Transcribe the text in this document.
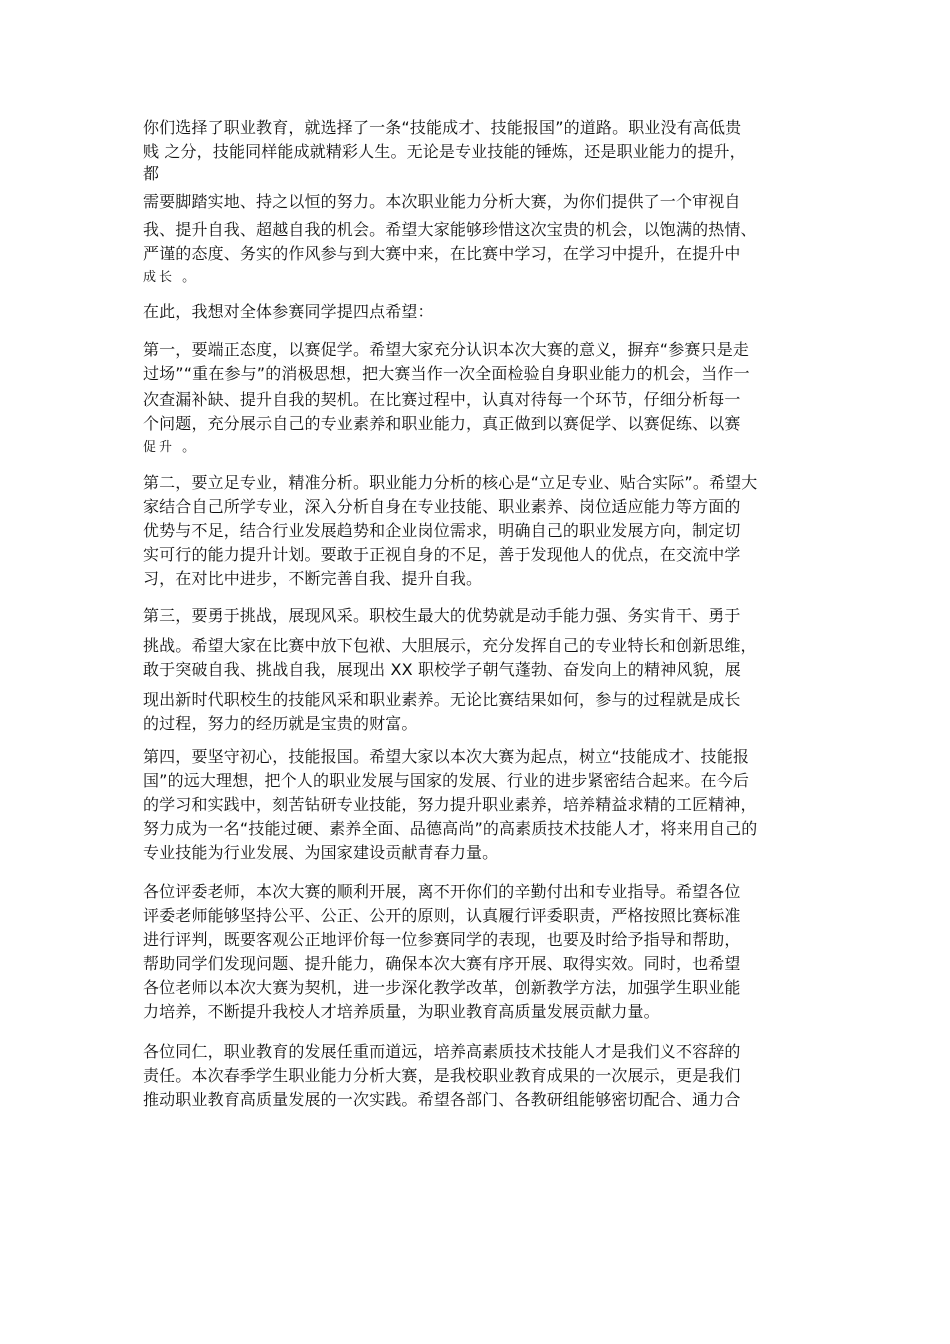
你们选择了职业教育，就选择了一条“技能成才、技能报国”的道路。职业没有高低贵
贱 之分，技能同样能成就精彩人生。无论是专业技能的锤炼，还是职业能力的提升，
都
需要脚踏实地、持之以恒的努力。本次职业能力分析大赛，为你们提供了一个审视自
我、提升自我、超越自我的机会。希望大家能够珍惜这次宝贵的机会，以饱满的热情、
严谨的态度、务实的作风参与到大赛中来，在比赛中学习，在学习中提升，在提升中
成长 。
在此，我想对全体参赛同学提四点希望：
第一，要端正态度，以赛促学。希望大家充分认识本次大赛的意义，摒弃“参赛只是走
过场”“重在参与”的消极思想，把大赛当作一次全面检验自身职业能力的机会，当作一
次查漏补缺、提升自我的契机。在比赛过程中，认真对待每一个环节，仔细分析每一
个问题，充分展示自己的专业素养和职业能力，真正做到以赛促学、以赛促练、以赛
促升 。
第二，要立足专业，精准分析。职业能力分析的核心是“立足专业、贴合实际”。希望大
家结合自己所学专业，深入分析自身在专业技能、职业素养、岗位适应能力等方面的
优势与不足，结合行业发展趋势和企业岗位需求，明确自己的职业发展方向，制定切
实可行的能力提升计划。要敢于正视自身的不足，善于发现他人的优点，在交流中学
习，在对比中进步，不断完善自我、提升自我。
第三，要勇于挑战，展现风采。职校生最大的优势就是动手能力强、务实肯干、勇于
挑战。希望大家在比赛中放下包袱、大胆展示，充分发挥自己的专业特长和创新思维，
敢于突破自我、挑战自我，展现出 XX 职校学子朝气蓬勃、奋发向上的精神风貌，展
现出新时代职校生的技能风采和职业素养。无论比赛结果如何，参与的过程就是成长
的过程，努力的经历就是宝贵的财富。
第四，要坚守初心，技能报国。希望大家以本次大赛为起点，树立“技能成才、技能报
国”的远大理想，把个人的职业发展与国家的发展、行业的进步紧密结合起来。在今后
的学习和实践中，刻苦钻研专业技能，努力提升职业素养，培养精益求精的工匠精神，
努力成为一名“技能过硬、素养全面、品德高尚”的高素质技术技能人才，将来用自己的
专业技能为行业发展、为国家建设贡献青春力量。
各位评委老师，本次大赛的顺利开展，离不开你们的辛勤付出和专业指导。希望各位
评委老师能够坚持公平、公正、公开的原则，认真履行评委职责，严格按照比赛标准
进行评判，既要客观公正地评价每一位参赛同学的表现，也要及时给予指导和帮助，
帮助同学们发现问题、提升能力，确保本次大赛有序开展、取得实效。同时，也希望
各位老师以本次大赛为契机，进一步深化教学改革，创新教学方法，加强学生职业能
力培养，不断提升我校人才培养质量，为职业教育高质量发展贡献力量。
各位同仁，职业教育的发展任重而道远，培养高素质技术技能人才是我们义不容辞的
责任。本次春季学生职业能力分析大赛，是我校职业教育成果的一次展示，更是我们
推动职业教育高质量发展的一次实践。希望各部门、各教研组能够密切配合、通力合
